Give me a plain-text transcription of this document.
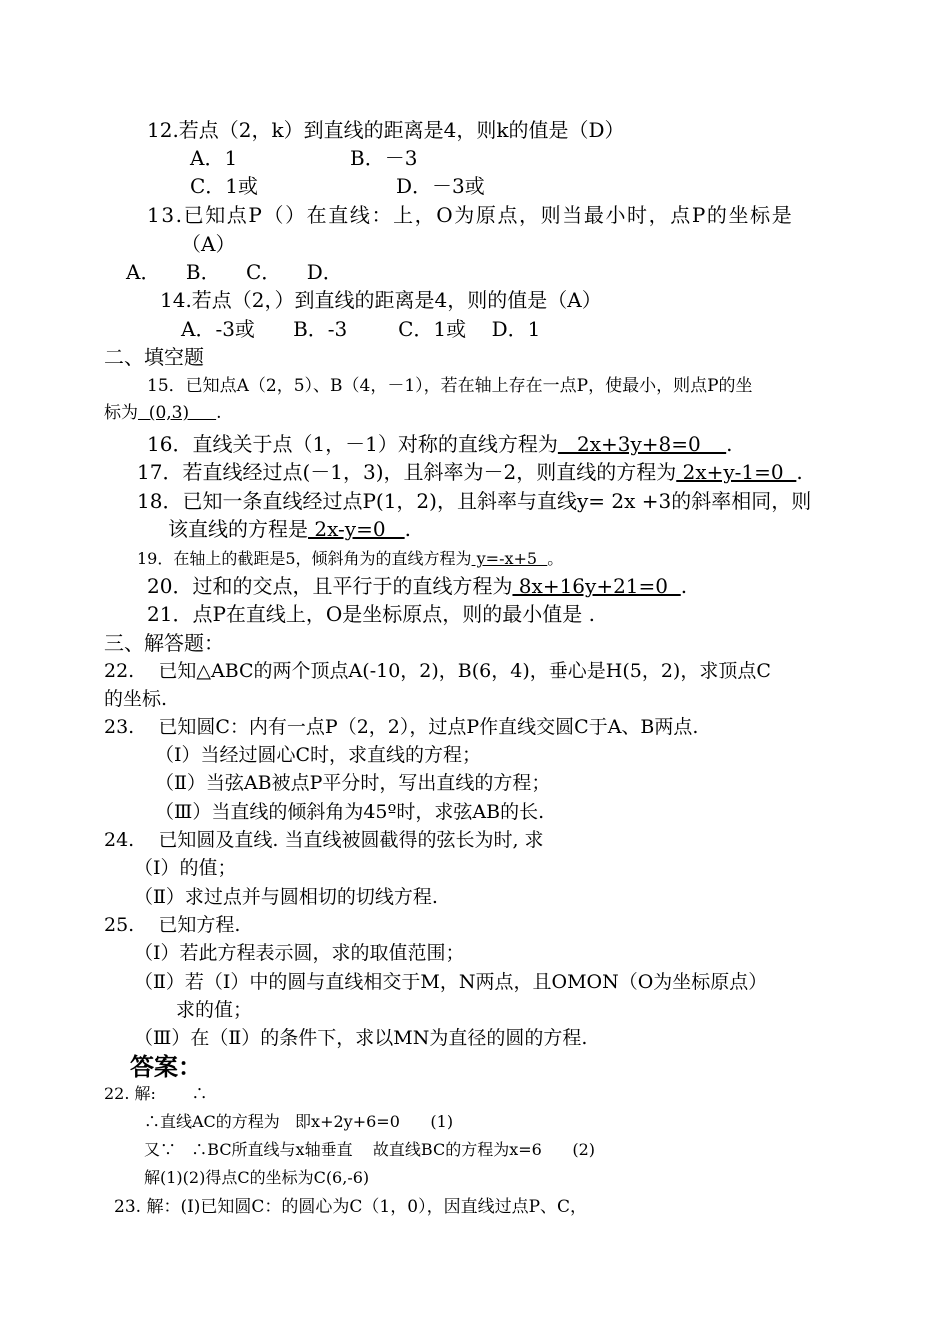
12.若点（2，k）到直线的距离是4，则k的值是（D）
A．1	B．－3
C．1或	D．－3或
13.已知点P（）在直线：上，O为原点，则当最小时，点P的坐标是
（A）
A．    B．    C．    D．
14.若点（2，）到直线的距离是4，则的值是（A）
A．-3或      B．-3        C．1或    D．1
二、填空题
15．已知点A（2，5）、B（4，－1），若在轴上存在一点P，使最小，则点P的坐
标为  (0,3)     .
16．直线关于点（1，－1）对称的直线方程为   2x+3y+8=0    .
17．若直线经过点(－1，3)，且斜率为－2，则直线的方程为 2x+y-1=0  .
18．已知一条直线经过点P(1，2)，且斜率与直线y= 2x +3的斜率相同，则
该直线的方程是 2x-y=0   .
19．在轴上的截距是5，倾斜角为的直线方程为 y=-x+5  。
20．过和的交点，且平行于的直线方程为 8x+16y+21=0  .
21．点P在直线上，O是坐标原点，则的最小值是 .
三、解答题：
22.    已知△ABC的两个顶点A(-10，2)，B(6，4)，垂心是H(5，2)，求顶点C
的坐标.
23.    已知圆C：内有一点P（2，2），过点P作直线交圆C于A、B两点.
（Ⅰ）当经过圆心C时，求直线的方程；
（Ⅱ）当弦AB被点P平分时，写出直线的方程；
（Ⅲ）当直线的倾斜角为45º时，求弦AB的长.
24.    已知圆及直线. 当直线被圆截得的弦长为时, 求
（Ⅰ）的值；
（Ⅱ）求过点并与圆相切的切线方程.
25.    已知方程.
（Ⅰ）若此方程表示圆，求的取值范围；
（Ⅱ）若（Ⅰ）中的圆与直线相交于M，N两点，且OMON（O为坐标原点）
求的值；
（Ⅲ）在（Ⅱ）的条件下，求以MN为直径的圆的方程.
答案：
22. 解:       ∴
∴直线AC的方程为   即x+2y+6=0      (1)
又∵   ∴BC所直线与x轴垂直    故直线BC的方程为x=6      (2)
解(1)(2)得点C的坐标为C(6,-6)
23. 解：(Ⅰ)已知圆C：的圆心为C（1，0），因直线过点P、C，
